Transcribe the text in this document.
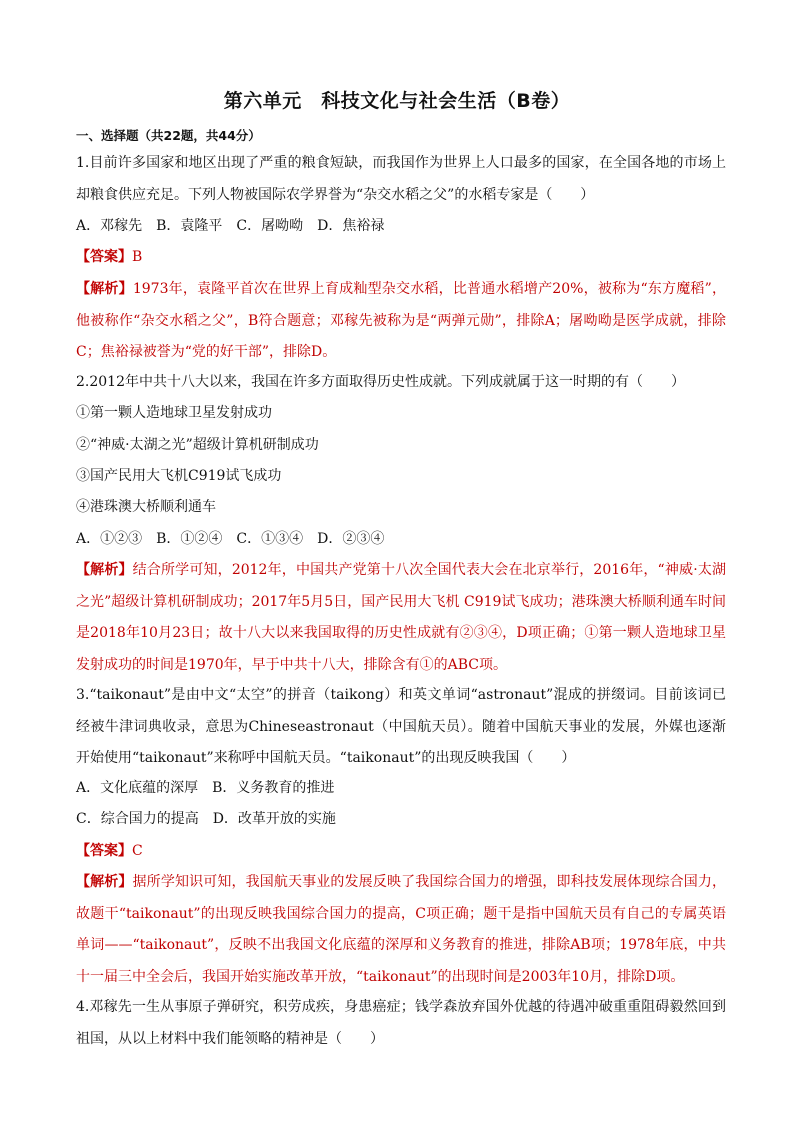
第六单元　科技文化与社会生活（B卷）
一、选择题（共22题，共44分）

1.目前许多国家和地区出现了严重的粮食短缺，而我国作为世界上人口最多的国家，在全国各地的市场上却粮食供应充足。下列人物被国际农学界誉为“杂交水稻之父”的水稻专家是（　　）

A．邓稼先　B．袁隆平　C．屠呦呦　D．焦裕禄

【答案】B

【解析】1973年，袁隆平首次在世界上育成籼型杂交水稻，比普通水稻增产20%，被称为“东方魔稻”，他被称作“杂交水稻之父”，B符合题意；邓稼先被称为是“两弹元勋”，排除A；屠呦呦是医学成就，排除C；焦裕禄被誉为“党的好干部”，排除D。

2.2012年中共十八大以来，我国在许多方面取得历史性成就。下列成就属于这一时期的有（　　）

①第一颗人造地球卫星发射成功

②“神威·太湖之光”超级计算机研制成功

③国产民用大飞机C919试飞成功

④港珠澳大桥顺利通车

A．①②③　B．①②④　C．①③④　D．②③④

【解析】结合所学可知，2012年，中国共产党第十八次全国代表大会在北京举行，2016年，“神威·太湖之光”超级计算机研制成功；2017年5月5日，国产民用大飞机 C919试飞成功；港珠澳大桥顺利通车时间是2018年10月23日；故十八大以来我国取得的历史性成就有②③④，D项正确；①第一颗人造地球卫星发射成功的时间是1970年，早于中共十八大，排除含有①的ABC项。

3.“taikonaut”是由中文“太空”的拼音（taikong）和英文单词“astronaut”混成的拼缀词。目前该词已经被牛津词典收录，意思为Chineseastronaut（中国航天员）。随着中国航天事业的发展，外媒也逐渐开始使用“taikonaut”来称呼中国航天员。“taikonaut”的出现反映我国（　　）

A．文化底蕴的深厚　B．义务教育的推进

C．综合国力的提高　D．改革开放的实施

【答案】C

【解析】据所学知识可知，我国航天事业的发展反映了我国综合国力的增强，即科技发展体现综合国力，故题干“taikonaut”的出现反映我国综合国力的提高，C项正确；题干是指中国航天员有自己的专属英语单词——“taikonaut”，反映不出我国文化底蕴的深厚和义务教育的推进，排除AB项；1978年底，中共十一届三中全会后，我国开始实施改革开放，“taikonaut”的出现时间是2003年10月，排除D项。

4.邓稼先一生从事原子弹研究，积劳成疾，身患癌症；钱学森放弃国外优越的待遇冲破重重阻碍毅然回到祖国，从以上材料中我们能领略的精神是（　　）
